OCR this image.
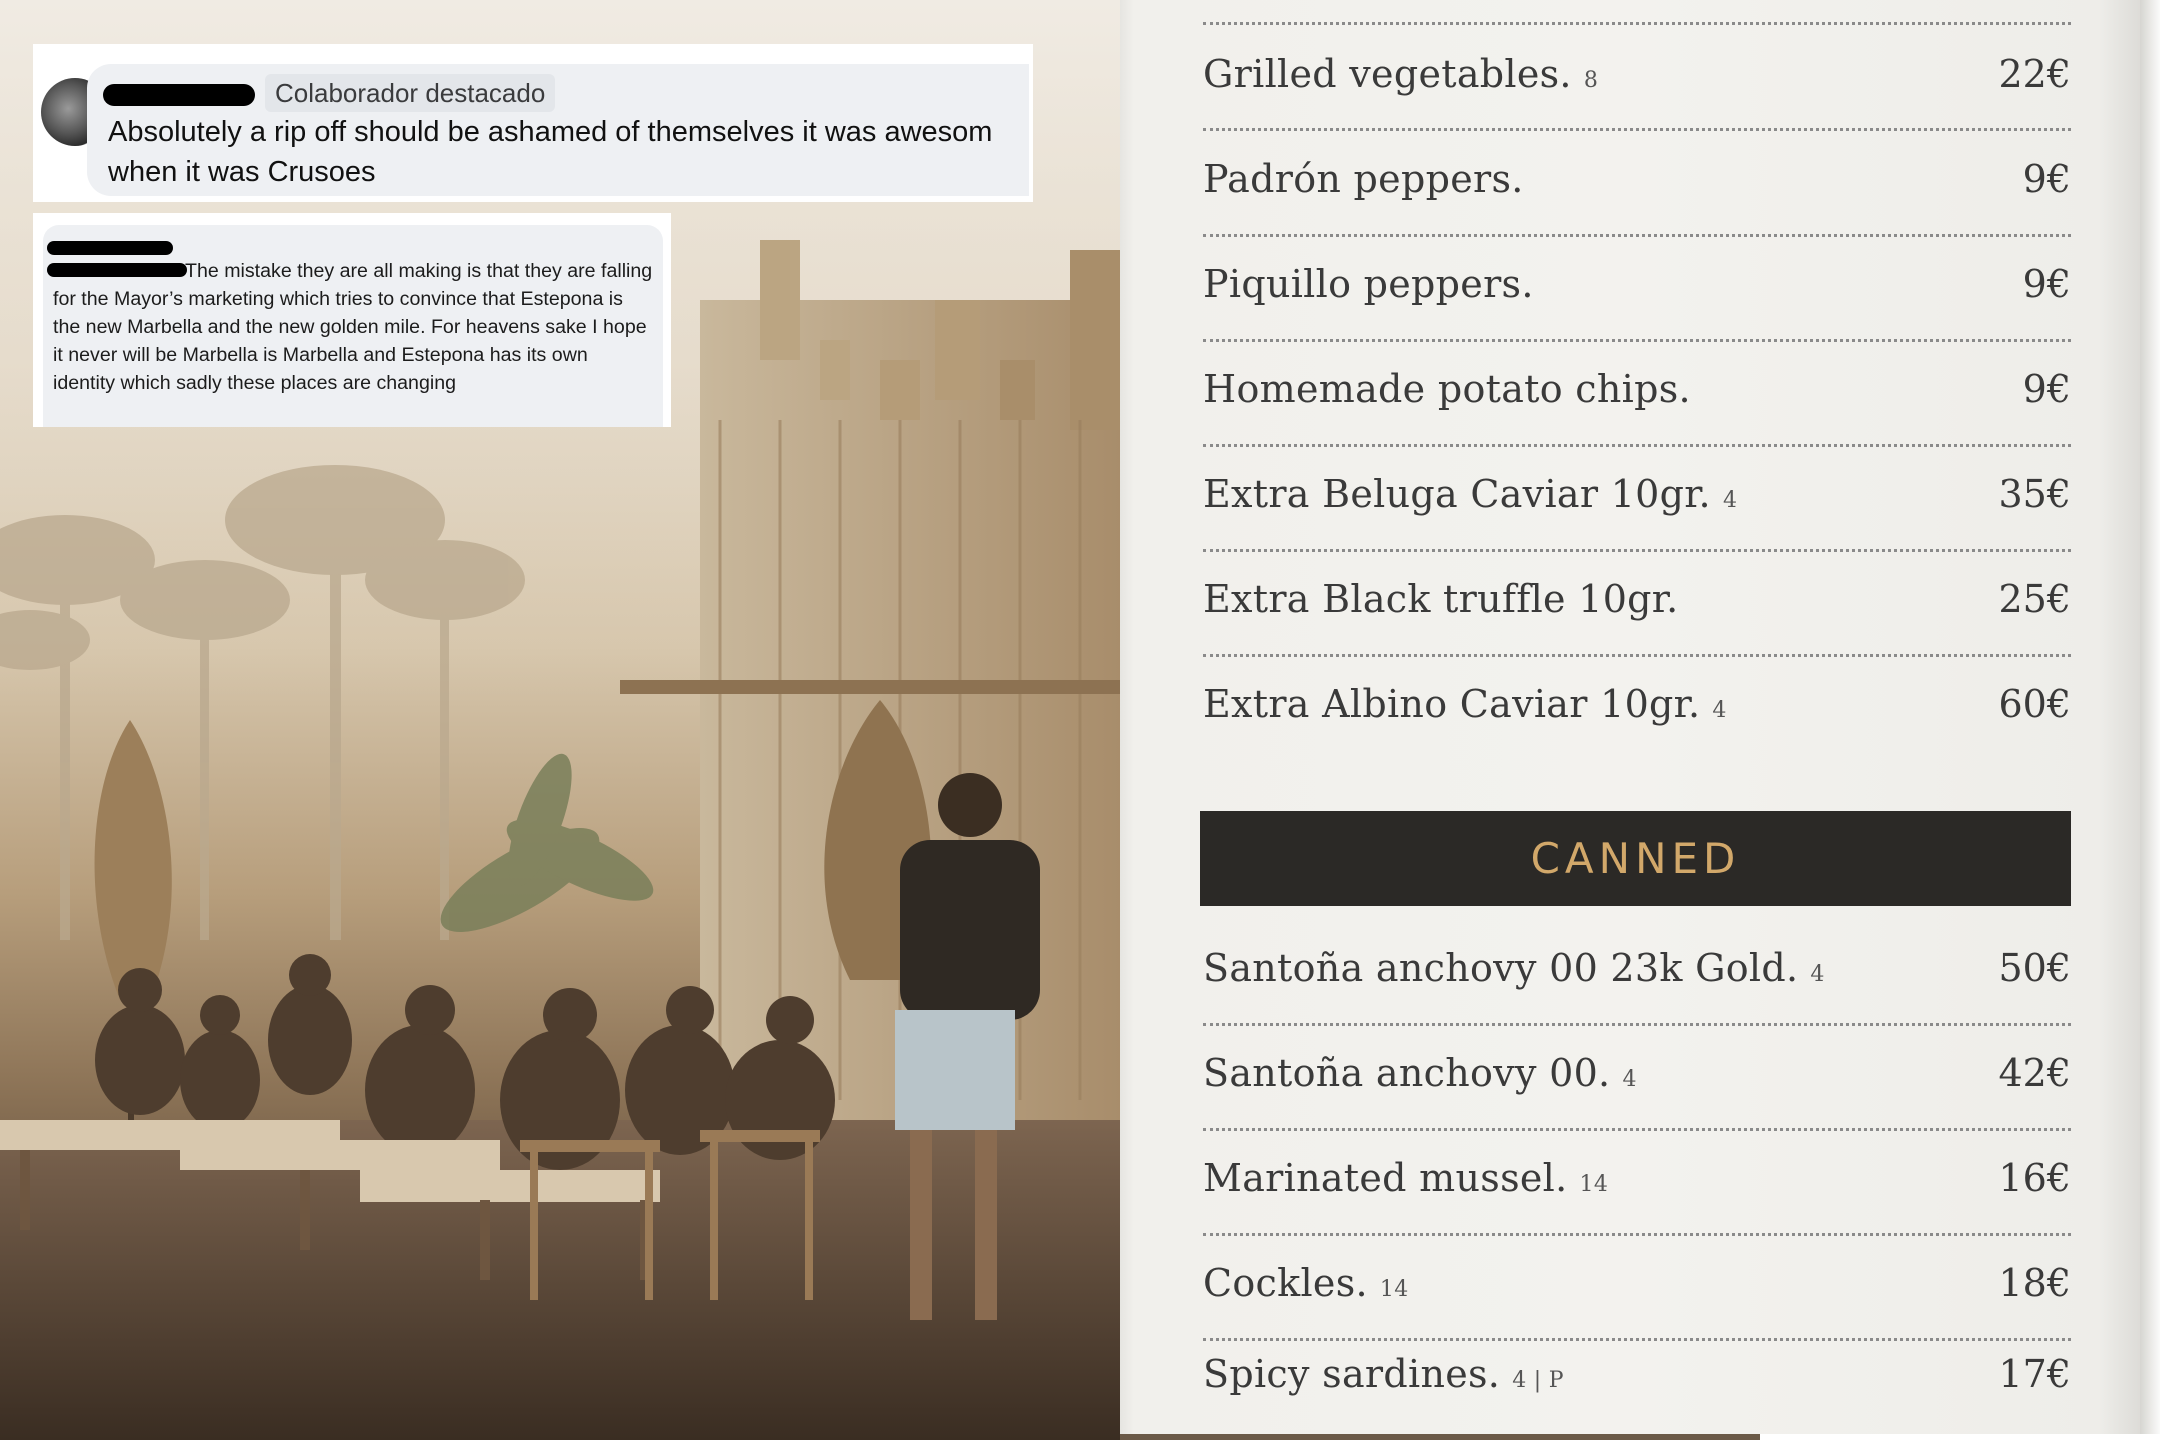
Colaborador destacado
Absolutely a rip off should be ashamed of themselves it was awesom
when it was Crusoes
The mistake they are all making is that they are falling for the Mayor’s marketing which tries to convince that Estepona is the new Marbella and the new golden mile. For heavens sake I hope it never will be Marbella is Marbella and Estepona has its own identity which sadly these places are changing
Grilled vegetables. 8	22€
Padrón peppers.	9€
Piquillo peppers.	9€
Homemade potato chips.	9€
Extra Beluga Caviar 10gr. 4	35€
Extra Black truffle 10gr.	25€
Extra Albino Caviar 10gr. 4	60€
CANNED
Santoña anchovy 00 23k Gold. 4	50€
Santoña anchovy 00. 4	42€
Marinated mussel. 14	16€
Cockles. 14	18€
Spicy sardines. 4 | P	17€
